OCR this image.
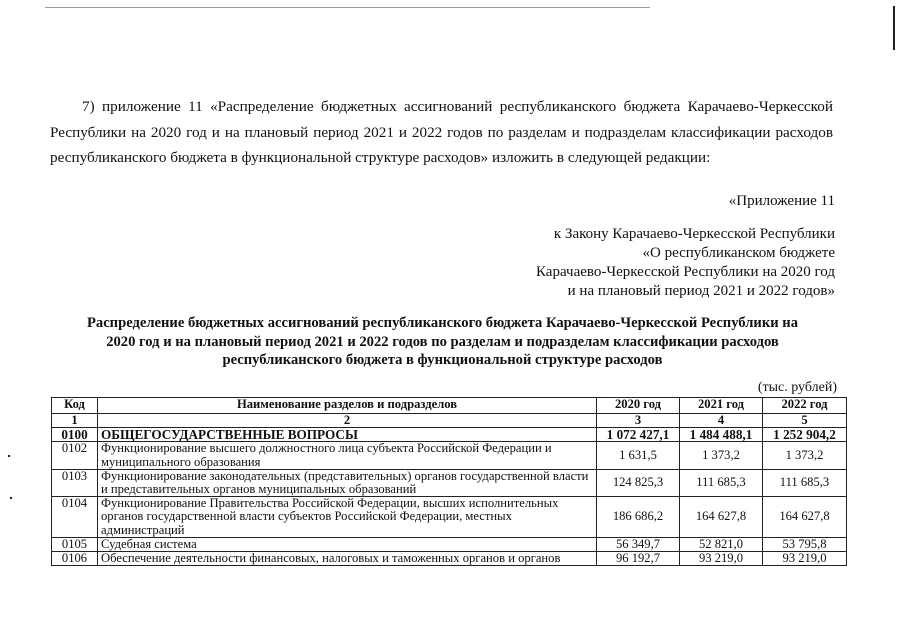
7) приложение 11 «Распределение бюджетных ассигнований республиканского бюджета Карачаево-Черкесской
Республики на 2020 год и на плановый период 2021 и 2022 годов по разделам и подразделам классификации расходов
республиканского бюджета в функциональной структуре расходов» изложить в следующей редакции:
«Приложение 11
к Закону Карачаево-Черкесской Республики
«О республиканском бюджете
Карачаево-Черкесской Республики на 2020 год
и на плановый период 2021 и 2022 годов»
Распределение бюджетных ассигнований республиканского бюджета Карачаево-Черкесской Республики на
2020 год и на плановый период 2021 и 2022 годов по разделам и подразделам классификации расходов
республиканского бюджета в функциональной структуре расходов
(тыс. рублей)
Код	Наименование разделов и подразделов	2020 год	2021 год	2022 год
1	2	3	4	5
0100	ОБЩЕГОСУДАРСТВЕННЫЕ ВОПРОСЫ	1 072 427,1	1 484 488,1	1 252 904,2
0102	Функционирование высшего должностного лица субъекта Российской Федерации и муниципального образования	1 631,5	1 373,2	1 373,2
0103	Функционирование законодательных (представительных) органов государственной власти и представительных органов муниципальных образований	124 825,3	111 685,3	111 685,3
0104	Функционирование Правительства Российской Федерации, высших исполнительных органов государственной власти субъектов Российской Федерации, местных администраций	186 686,2	164 627,8	164 627,8
0105	Судебная система	56 349,7	52 821,0	53 795,8
0106	Обеспечение деятельности финансовых, налоговых и таможенных органов и органов	96 192,7	93 219,0	93 219,0
